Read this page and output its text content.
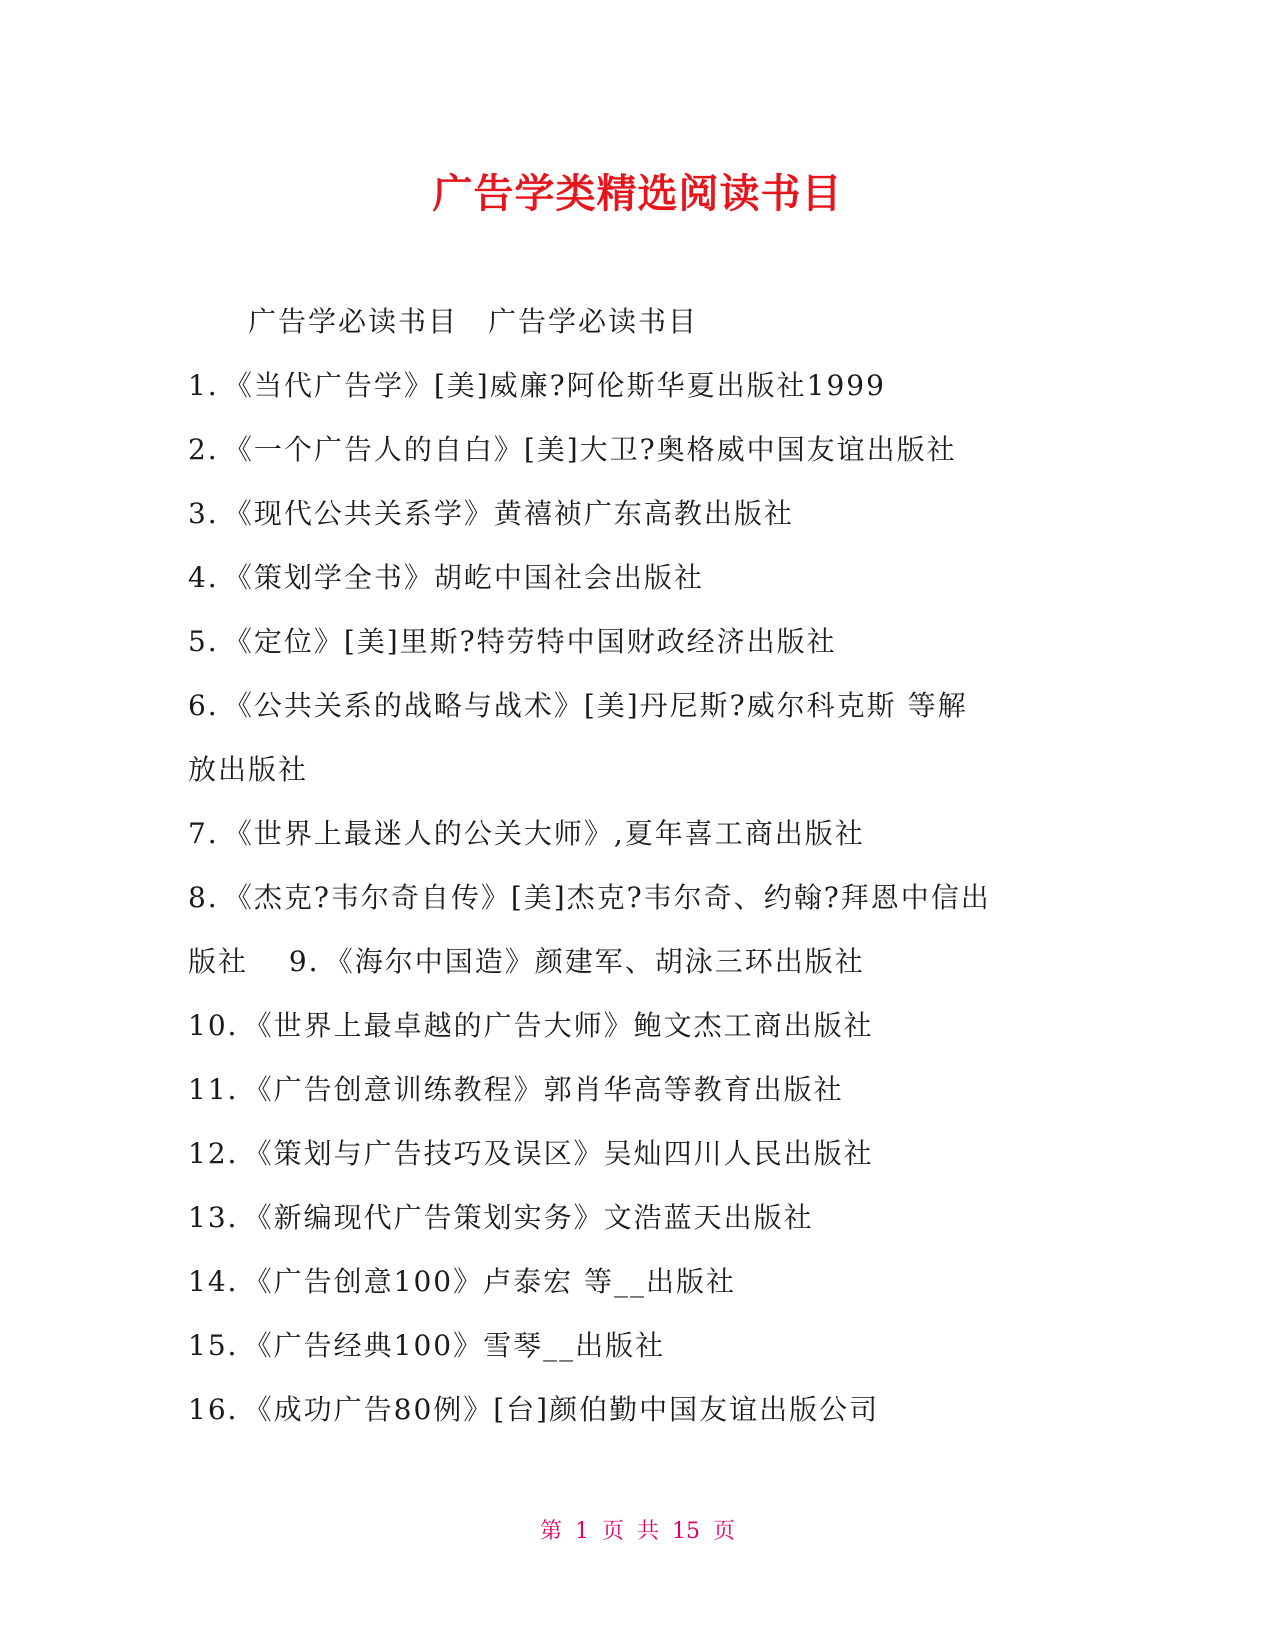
广告学类精选阅读书目

广告学必读书目　广告学必读书目

1．《当代广告学》[美]威廉?阿伦斯华夏出版社1999

2．《一个广告人的自白》[美]大卫?奥格威中国友谊出版社

3．《现代公共关系学》黄禧祯广东高教出版社

4．《策划学全书》胡屹中国社会出版社

5．《定位》[美]里斯?特劳特中国财政经济出版社

6．《公共关系的战略与战术》[美]丹尼斯?威尔科克斯 等解

放出版社

7．《世界上最迷人的公关大师》,夏年喜工商出版社

8．《杰克?韦尔奇自传》[美]杰克?韦尔奇、约翰?拜恩中信出

版社　 9．《海尔中国造》颜建军、胡泳三环出版社

10．《世界上最卓越的广告大师》鲍文杰工商出版社

11．《广告创意训练教程》郭肖华高等教育出版社

12．《策划与广告技巧及误区》吴灿四川人民出版社

13．《新编现代广告策划实务》文浩蓝天出版社

14．《广告创意100》卢泰宏 等__出版社

15．《广告经典100》雪琴__出版社

16．《成功广告80例》[台]颜伯勤中国友谊出版公司

第 1 页 共 15 页
